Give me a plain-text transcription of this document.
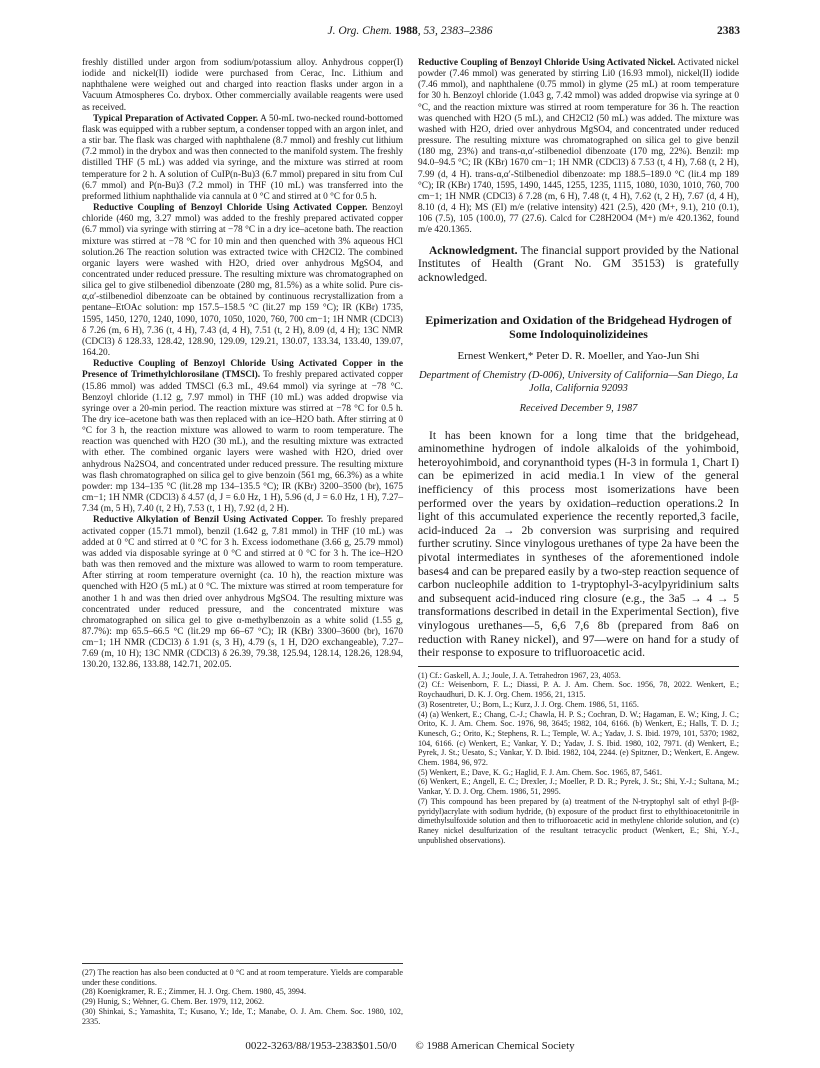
J. Org. Chem. 1988, 53, 2383–2386	2383

freshly distilled under argon from sodium/potassium alloy. Anhydrous copper(I) iodide and nickel(II) iodide were purchased from Cerac, Inc. Lithium and naphthalene were weighed out and charged into reaction flasks under argon in a Vacuum Atmospheres Co. drybox. Other commercially available reagents were used as received.

Typical Preparation of Activated Copper. A 50-mL two-necked round-bottomed flask was equipped with a rubber septum, a condenser topped with an argon inlet, and a stir bar. The flask was charged with naphthalene (8.7 mmol) and freshly cut lithium (7.2 mmol) in the drybox and was then connected to the manifold system. The freshly distilled THF (5 mL) was added via syringe, and the mixture was stirred at room temperature for 2 h. A solution of CuIP(n-Bu)3 (6.7 mmol) prepared in situ from CuI (6.7 mmol) and P(n-Bu)3 (7.2 mmol) in THF (10 mL) was transferred into the preformed lithium naphthalide via cannula at 0 °C and stirred at 0 °C for 0.5 h.

Reductive Coupling of Benzoyl Chloride Using Activated Copper. Benzoyl chloride (460 mg, 3.27 mmol) was added to the freshly prepared activated copper (6.7 mmol) via syringe with stirring at −78 °C in a dry ice–acetone bath. The reaction mixture was stirred at −78 °C for 10 min and then quenched with 3% aqueous HCl solution.26 The reaction solution was extracted twice with CH2Cl2. The combined organic layers were washed with H2O, dried over anhydrous MgSO4, and concentrated under reduced pressure. The resulting mixture was chromatographed on silica gel to give stilbenediol dibenzoate (280 mg, 81.5%) as a white solid. Pure cis-α,α′-stilbenediol dibenzoate can be obtained by continuous recrystallization from a pentane–EtOAc solution: mp 157.5–158.5 °C (lit.27 mp 159 °C); IR (KBr) 1735, 1595, 1450, 1270, 1240, 1090, 1070, 1050, 1020, 760, 700 cm−1; 1H NMR (CDCl3) δ 7.26 (m, 6 H), 7.36 (t, 4 H), 7.43 (d, 4 H), 7.51 (t, 2 H), 8.09 (d, 4 H); 13C NMR (CDCl3) δ 128.33, 128.42, 128.90, 129.09, 129.21, 130.07, 133.34, 133.40, 139.07, 164.20.

Reductive Coupling of Benzoyl Chloride Using Activated Copper in the Presence of Trimethylchlorosilane (TMSCl). To freshly prepared activated copper (15.86 mmol) was added TMSCl (6.3 mL, 49.64 mmol) via syringe at −78 °C. Benzoyl chloride (1.12 g, 7.97 mmol) in THF (10 mL) was added dropwise via syringe over a 20-min period. The reaction mixture was stirred at −78 °C for 0.5 h. The dry ice–acetone bath was then replaced with an ice–H2O bath. After stirring at 0 °C for 3 h, the reaction mixture was allowed to warm to room temperature. The reaction was quenched with H2O (30 mL), and the resulting mixture was extracted with ether. The combined organic layers were washed with H2O, dried over anhydrous Na2SO4, and concentrated under reduced pressure. The resulting mixture was flash chromatographed on silica gel to give benzoin (561 mg, 66.3%) as a white powder: mp 134–135 °C (lit.28 mp 134–135.5 °C); IR (KBr) 3200–3500 (br), 1675 cm−1; 1H NMR (CDCl3) δ 4.57 (d, J = 6.0 Hz, 1 H), 5.96 (d, J = 6.0 Hz, 1 H), 7.27–7.34 (m, 5 H), 7.40 (t, 2 H), 7.53 (t, 1 H), 7.92 (d, 2 H).

Reductive Alkylation of Benzil Using Activated Copper. To freshly prepared activated copper (15.71 mmol), benzil (1.642 g, 7.81 mmol) in THF (10 mL) was added at 0 °C and stirred at 0 °C for 3 h. Excess iodomethane (3.66 g, 25.79 mmol) was added via disposable syringe at 0 °C and stirred at 0 °C for 3 h. The ice–H2O bath was then removed and the mixture was allowed to warm to room temperature. After stirring at room temperature overnight (ca. 10 h), the reaction mixture was quenched with H2O (5 mL) at 0 °C. The mixture was stirred at room temperature for another 1 h and was then dried over anhydrous MgSO4. The resulting mixture was concentrated under reduced pressure, and the concentrated mixture was chromatographed on silica gel to give α-methylbenzoin as a white solid (1.55 g, 87.7%): mp 65.5–66.5 °C (lit.29 mp 66–67 °C); IR (KBr) 3300–3600 (br), 1670 cm−1; 1H NMR (CDCl3) δ 1.91 (s, 3 H), 4.79 (s, 1 H, D2O exchangeable), 7.27–7.69 (m, 10 H); 13C NMR (CDCl3) δ 26.39, 79.38, 125.94, 128.14, 128.26, 128.94, 130.20, 132.86, 133.88, 142.71, 202.05.

(27) The reaction has also been conducted at 0 °C and at room temperature. Yields are comparable under these conditions.
(28) Koenigkramer, R. E.; Zimmer, H. J. Org. Chem. 1980, 45, 3994.
(29) Hunig, S.; Wehner, G. Chem. Ber. 1979, 112, 2062.
(30) Shinkai, S.; Yamashita, T.; Kusano, Y.; Ide, T.; Manabe, O. J. Am. Chem. Soc. 1980, 102, 2335.

Reductive Coupling of Benzoyl Chloride Using Activated Nickel. Activated nickel powder (7.46 mmol) was generated by stirring Li0 (16.93 mmol), nickel(II) iodide (7.46 mmol), and naphthalene (0.75 mmol) in glyme (25 mL) at room temperature for 30 h. Benzoyl chloride (1.043 g, 7.42 mmol) was added dropwise via syringe at 0 °C, and the reaction mixture was stirred at room temperature for 36 h. The reaction was quenched with H2O (5 mL), and CH2Cl2 (50 mL) was added. The mixture was washed with H2O, dried over anhydrous MgSO4, and concentrated under reduced pressure. The resulting mixture was chromatographed on silica gel to give benzil (180 mg, 23%) and trans-α,α′-stilbenediol dibenzoate (170 mg, 22%). Benzil: mp 94.0–94.5 °C; IR (KBr) 1670 cm−1; 1H NMR (CDCl3) δ 7.53 (t, 4 H), 7.68 (t, 2 H), 7.99 (d, 4 H). trans-α,α′-Stilbenediol dibenzoate: mp 188.5–189.0 °C (lit.4 mp 189 °C); IR (KBr) 1740, 1595, 1490, 1445, 1255, 1235, 1115, 1080, 1030, 1010, 760, 700 cm−1; 1H NMR (CDCl3) δ 7.28 (m, 6 H), 7.48 (t, 4 H), 7.62 (t, 2 H), 7.67 (d, 4 H), 8.10 (d, 4 H); MS (EI) m/e (relative intensity) 421 (2.5), 420 (M+, 9.1), 210 (0.1), 106 (7.5), 105 (100.0), 77 (27.6). Calcd for C28H20O4 (M+) m/e 420.1362, found m/e 420.1365.

Acknowledgment. The financial support provided by the National Institutes of Health (Grant No. GM 35153) is gratefully acknowledged.

Epimerization and Oxidation of the Bridgehead Hydrogen of Some Indoloquinolizideines
Ernest Wenkert,* Peter D. R. Moeller, and Yao-Jun Shi
Department of Chemistry (D-006), University of California—San Diego, La Jolla, California 92093
Received December 9, 1987

It has been known for a long time that the bridgehead, aminomethine hydrogen of indole alkaloids of the yohimboid, heteroyohimboid, and corynanthoid types (H-3 in formula 1, Chart I) can be epimerized in acid media.1 In view of the general inefficiency of this process most isomerizations have been performed over the years by oxidation–reduction operations.2 In light of this accumulated experience the recently reported,3 facile, acid-induced 2a → 2b conversion was surprising and required further scrutiny. Since vinylogous urethanes of type 2a have been the pivotal intermediates in syntheses of the aforementioned indole bases4 and can be prepared easily by a two-step reaction sequence of carbon nucleophile addition to 1-tryptophyl-3-acylpyridinium salts and subsequent acid-induced ring closure (e.g., the 3a5 → 4 → 5 transformations described in detail in the Experimental Section), five vinylogous urethanes—5, 6,6 7,6 8b (prepared from 8a6 on reduction with Raney nickel), and 97—were on hand for a study of their response to exposure to trifluoroacetic acid.

(1) Cf.: Gaskell, A. J.; Joule, J. A. Tetrahedron 1967, 23, 4053.
(2) Cf.: Weisenborn, F. L.; Diassi, P. A. J. Am. Chem. Soc. 1956, 78, 2022. Wenkert, E.; Roychaudhuri, D. K. J. Org. Chem. 1956, 21, 1315.
(3) Rosentreter, U.; Born, L.; Kurz, J. J. Org. Chem. 1986, 51, 1165.
(4) (a) Wenkert, E.; Chang, C.-J.; Chawla, H. P. S.; Cochran, D. W.; Hagaman, E. W.; King, J. C.; Orito, K. J. Am. Chem. Soc. 1976, 98, 3645; 1982, 104, 6166. (b) Wenkert, E.; Halls, T. D. J.; Kunesch, G.; Orito, K.; Stephens, R. L.; Temple, W. A.; Yadav, J. S. Ibid. 1979, 101, 5370; 1982, 104, 6166. (c) Wenkert, E.; Vankar, Y. D.; Yadav, J. S. Ibid. 1980, 102, 7971. (d) Wenkert, E.; Pyrek, J. St.; Uesato, S.; Vankar, Y. D. Ibid. 1982, 104, 2244. (e) Spitzner, D.; Wenkert, E. Angew. Chem. 1984, 96, 972.
(5) Wenkert, E.; Dave, K. G.; Haglid, F. J. Am. Chem. Soc. 1965, 87, 5461.
(6) Wenkert, E.; Angell, E. C.; Drexler, J.; Moeller, P. D. R.; Pyrek, J. St.; Shi, Y.-J.; Sultana, M.; Vankar, Y. D. J. Org. Chem. 1986, 51, 2995.
(7) This compound has been prepared by (a) treatment of the N-tryptophyl salt of ethyl β-(β-pyridyl)acrylate with sodium hydride, (b) exposure of the product first to ethylthioacetonitrile in dimethylsulfoxide solution and then to trifluoroacetic acid in methylene chloride solution, and (c) Raney nickel desulfurization of the resultant tetracyclic product (Wenkert, E.; Shi, Y.-J., unpublished observations).
0022-3263/88/1953-2383$01.50/0 © 1988 American Chemical Society
